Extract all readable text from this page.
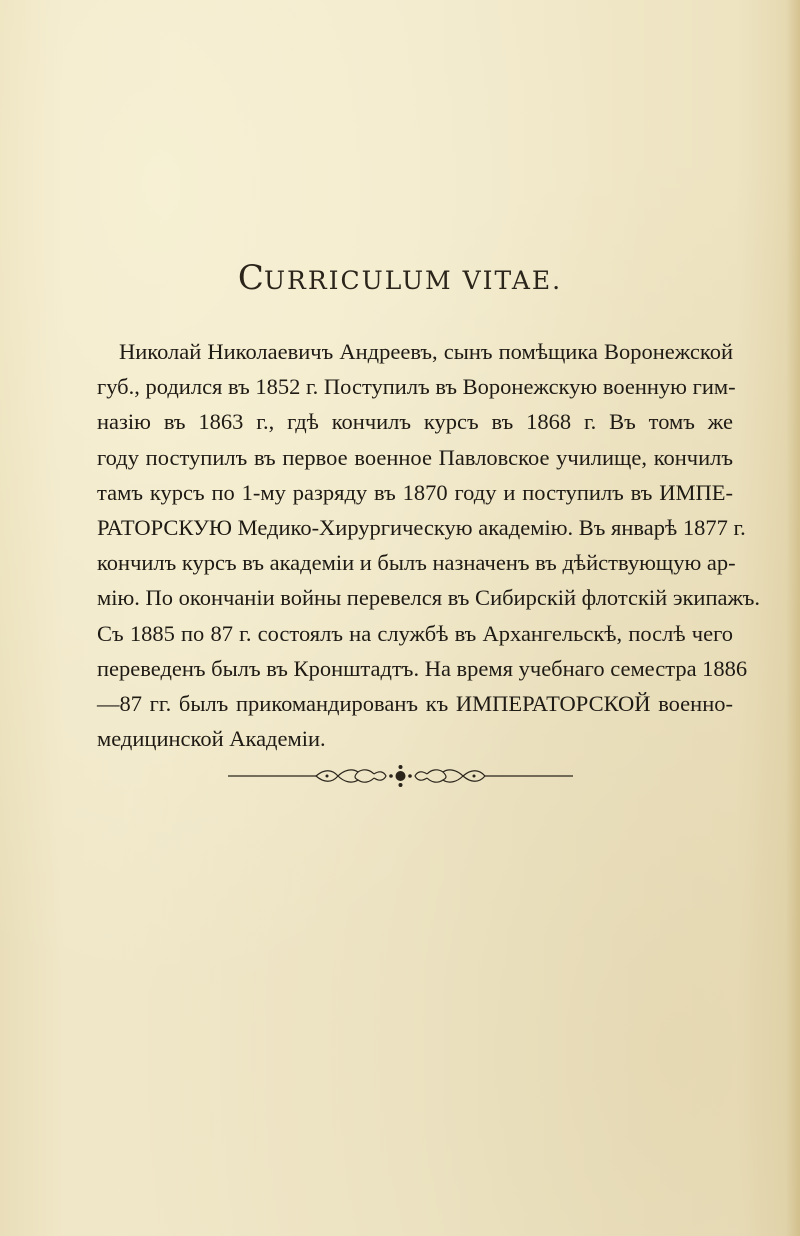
CURRICULUM VITAE.
Николай Николаевичъ Андреевъ, сынъ помѣщика Воронежской
губ., родился въ 1852 г. Поступилъ въ Воронежскую военную гим-
назію въ 1863 г., гдѣ кончилъ курсъ въ 1868 г. Въ томъ же
году поступилъ въ первое военное Павловское училище, кончилъ
тамъ курсъ по 1-му разряду въ 1870 году и поступилъ въ ИМПЕ-
РАТОРСКУЮ Медико-Хирургическую академію. Въ январѣ 1877 г.
кончилъ курсъ въ академіи и былъ назначенъ въ дѣйствующую ар-
мію. По окончаніи войны перевелся въ Сибирскій флотскій экипажъ.
Съ 1885 по 87 г. состоялъ на службѣ въ Архангельскѣ, послѣ чего
переведенъ былъ въ Кронштадтъ. На время учебнаго семестра 1886
—87 гг. былъ прикомандированъ къ ИМПЕРАТОРСКОЙ военно-
медицинской Академіи.
